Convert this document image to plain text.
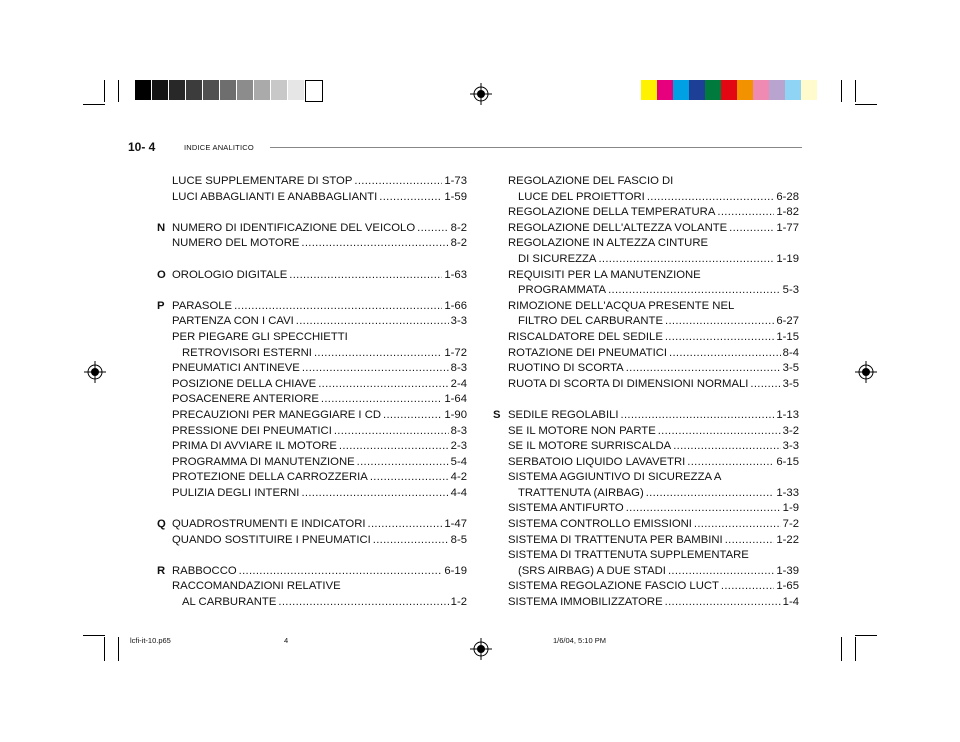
10- 4	INDICE ANALITICO
LUCE SUPPLEMENTARE DI STOP .....	1-73
LUCI ABBAGLIANTI E ANABBAGLIANTI .....	1-59
N NUMERO DI IDENTIFICAZIONE DEL VEICOLO .....	8-2
NUMERO DEL MOTORE .....	8-2
O OROLOGIO DIGITALE .....	1-63
P PARASOLE .....	1-66
PARTENZA CON I CAVI .....	3-3
PER PIEGARE GLI SPECCHIETTI
RETROVISORI ESTERNI .....	1-72
PNEUMATICI ANTINEVE .....	8-3
POSIZIONE DELLA CHIAVE .....	2-4
POSACENERE ANTERIORE .....	1-64
PRECAUZIONI PER MANEGGIARE I CD .....	1-90
PRESSIONE DEI PNEUMATICI .....	8-3
PRIMA DI AVVIARE IL MOTORE .....	2-3
PROGRAMMA DI MANUTENZIONE .....	5-4
PROTEZIONE DELLA CARROZZERIA .....	4-2
PULIZIA DEGLI INTERNI .....	4-4
Q QUADROSTRUMENTI E INDICATORI .....	1-47
QUANDO SOSTITUIRE I PNEUMATICI .....	8-5
R RABBOCCO .....	6-19
RACCOMANDAZIONI RELATIVE
AL CARBURANTE .....	1-2
REGOLAZIONE DEL FASCIO DI
LUCE DEL PROIETTORI .....	6-28
REGOLAZIONE DELLA TEMPERATURA .....	1-82
REGOLAZIONE DELL'ALTEZZA VOLANTE .....	1-77
REGOLAZIONE IN ALTEZZA CINTURE
DI SICUREZZA .....	1-19
REQUISITI PER LA MANUTENZIONE
PROGRAMMATA .....	5-3
RIMOZIONE DELL'ACQUA PRESENTE NEL
FILTRO DEL CARBURANTE .....	6-27
RISCALDATORE DEL SEDILE .....	1-15
ROTAZIONE DEI PNEUMATICI .....	8-4
RUOTINO DI SCORTA .....	3-5
RUOTA DI SCORTA DI DIMENSIONI NORMALI .....	3-5
S SEDILE REGOLABILI .....	1-13
SE IL MOTORE NON PARTE .....	3-2
SE IL MOTORE SURRISCALDA .....	3-3
SERBATOIO LIQUIDO LAVAVETRI .....	6-15
SISTEMA AGGIUNTIVO DI SICUREZZA A
TRATTENUTA (AIRBAG) .....	1-33
SISTEMA ANTIFURTO .....	1-9
SISTEMA CONTROLLO EMISSIONI .....	7-2
SISTEMA DI TRATTENUTA PER BAMBINI .....	1-22
SISTEMA DI TRATTENUTA SUPPLEMENTARE
(SRS AIRBAG) A DUE STADI .....	1-39
SISTEMA REGOLAZIONE FASCIO LUCT .....	1-65
SISTEMA IMMOBILIZZATORE .....	1-4
lcfi-it-10.p65	4	1/6/04, 5:10 PM
